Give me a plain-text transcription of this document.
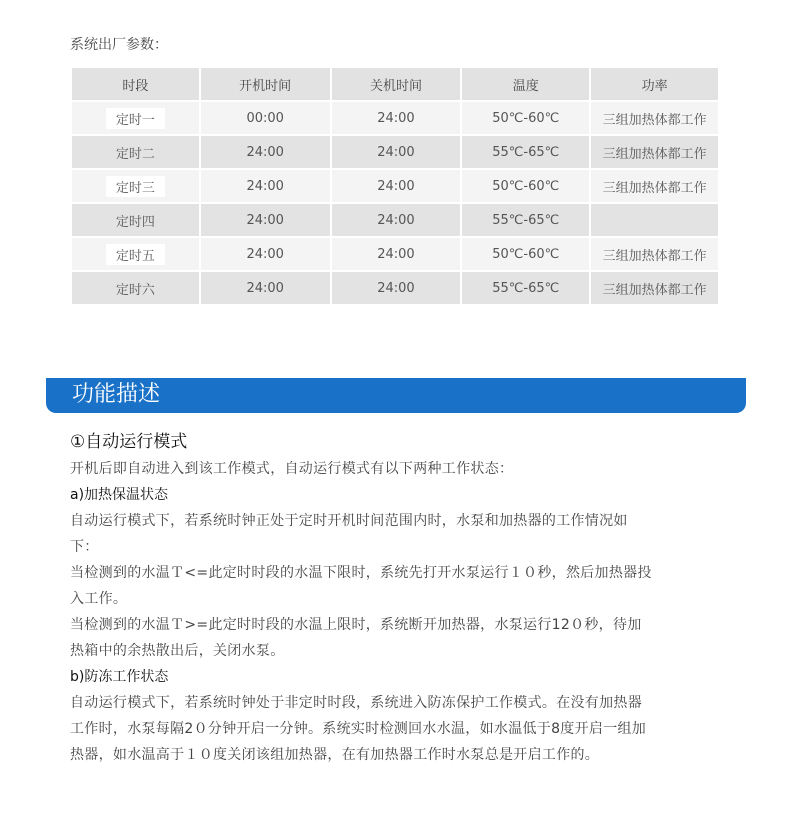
系统出厂参数：
时段	开机时间	关机时间	温度	功率
定时一	00:00	24:00	50℃-60℃	三组加热体都工作
定时二	24:00	24:00	55℃-65℃	三组加热体都工作
定时三	24:00	24:00	50℃-60℃	三组加热体都工作
定时四	24:00	24:00	55℃-65℃	
定时五	24:00	24:00	50℃-60℃	三组加热体都工作
定时六	24:00	24:00	55℃-65℃	三组加热体都工作
功能描述

①自动运行模式

开机后即自动进入到该工作模式，自动运行模式有以下两种工作状态：

a)加热保温状态

自动运行模式下，若系统时钟正处于定时开机时间范围内时，水泵和加热器的工作情况如

下：

当检测到的水温Ｔ<=此定时时段的水温下限时，系统先打开水泵运行１０秒，然后加热器投

入工作。

当检测到的水温Ｔ>=此定时时段的水温上限时，系统断开加热器，水泵运行12０秒，待加

热箱中的余热散出后，关闭水泵。

b)防冻工作状态

自动运行模式下，若系统时钟处于非定时时段，系统进入防冻保护工作模式。在没有加热器

工作时，水泵每隔2０分钟开启一分钟。系统实时检测回水水温，如水温低于8度开启一组加

热器，如水温高于１０度关闭该组加热器，在有加热器工作时水泵总是开启工作的。
